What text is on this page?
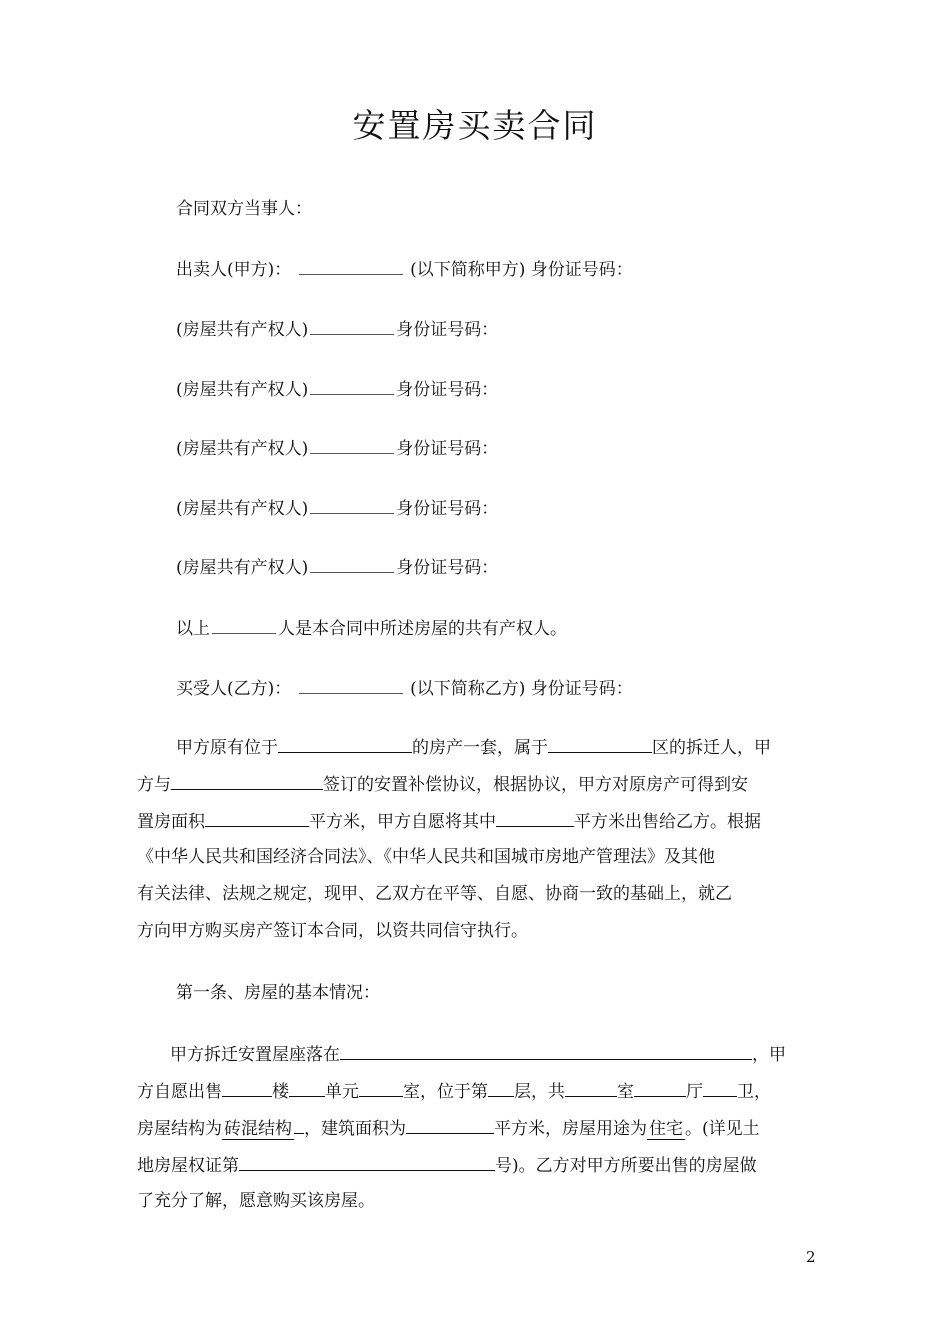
安置房买卖合同
合同双方当事人：
出卖人(甲方)：	(以下简称甲方) 身份证号码：
(房屋共有产权人)	身份证号码：
(房屋共有产权人)	身份证号码：
(房屋共有产权人)	身份证号码：
(房屋共有产权人)	身份证号码：
(房屋共有产权人)	身份证号码：
以上	人是本合同中所述房屋的共有产权人。
买受人(乙方)：	(以下简称乙方) 身份证号码：
甲方原有位于	的房产一套，属于	区的拆迁人，甲
方与	签订的安置补偿协议，根据协议，甲方对原房产可得到安
置房面积	平方米，甲方自愿将其中	平方米出售给乙方。根据
《中华人民共和国经济合同法》、《中华人民共和国城市房地产管理法》及其他
有关法律、法规之规定，现甲、乙双方在平等、自愿、协商一致的基础上，就乙
方向甲方购买房产签订本合同，以资共同信守执行。
第一条、房屋的基本情况：
甲方拆迁安置屋座落在	，甲
方自愿出售	楼 单元	室，位于第 层，共	室	厅 卫，
房屋结构为 砖混结构 ，建筑面积为	平方米，房屋用途为 住宅 。(详见土
地房屋权证第	号)。乙方对甲方所要出售的房屋做
了充分了解，愿意购买该房屋。
2
